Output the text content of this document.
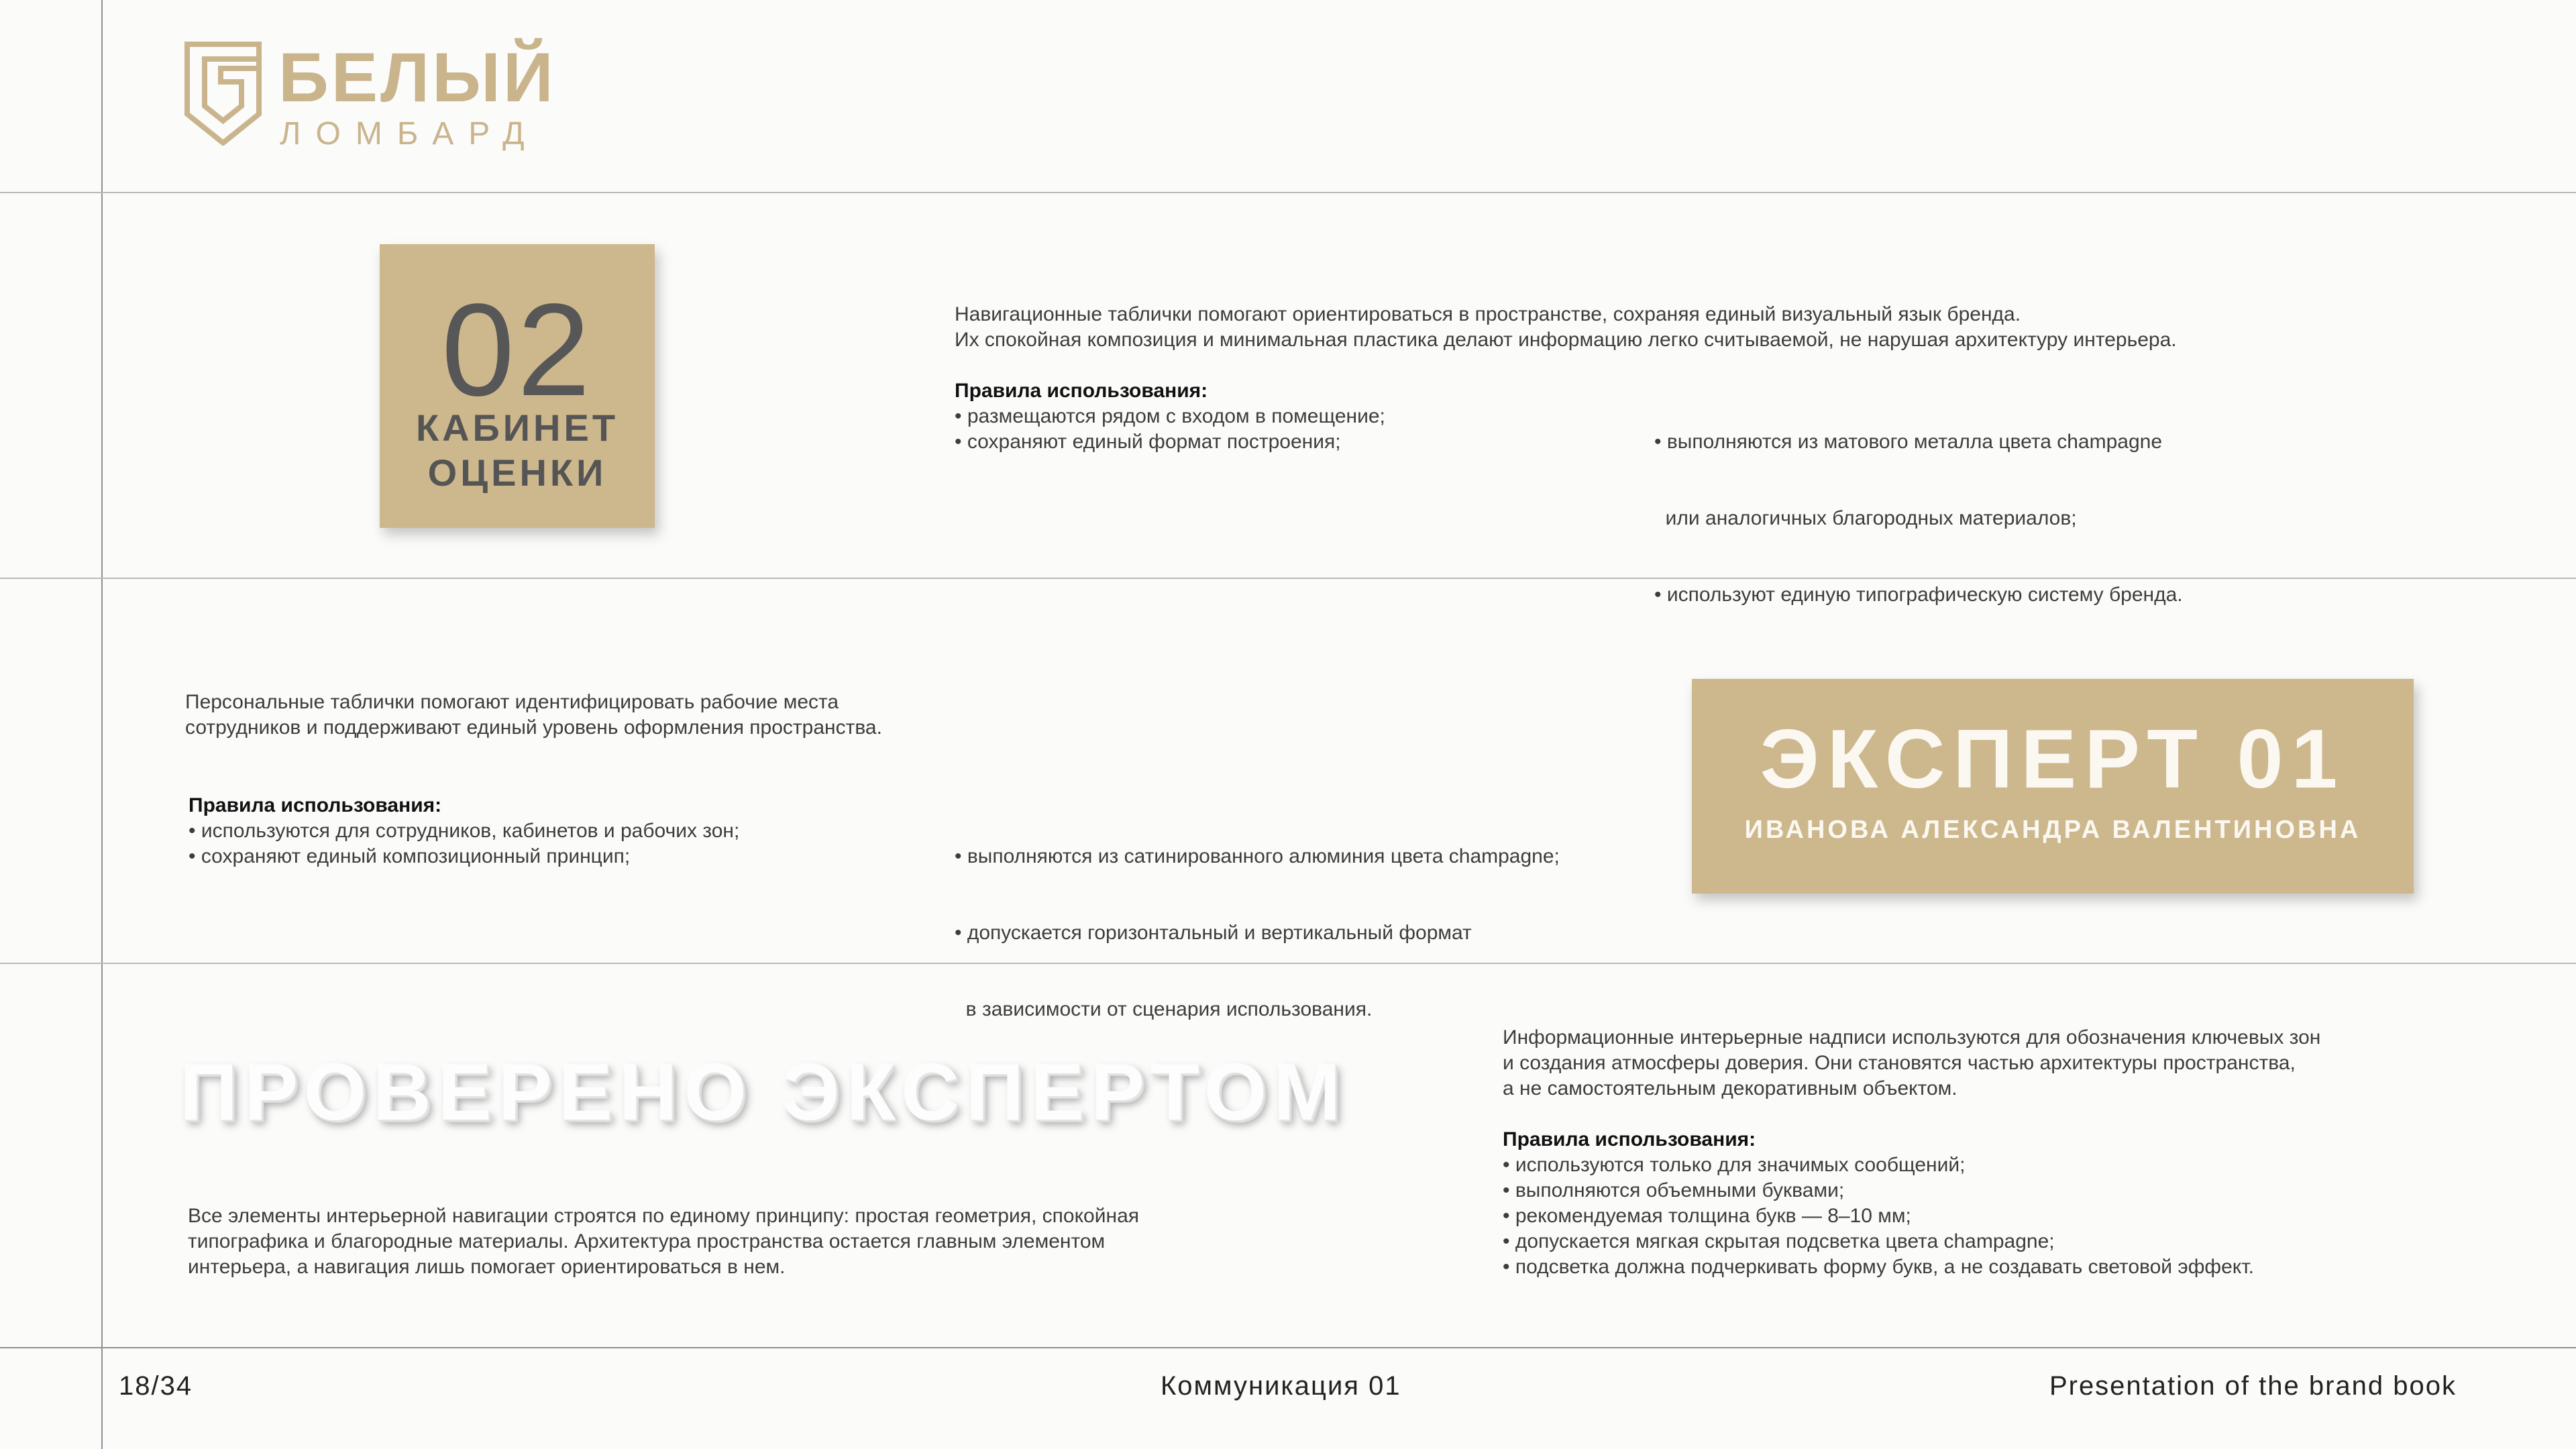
БЕЛЫЙ
ЛОМБАРД
02
КАБИНЕТ
ОЦЕНКИ
Навигационные таблички помогают ориентироваться в пространстве, сохраняя единый визуальный язык бренда.
Их спокойная композиция и минимальная пластика делают информацию легко считываемой, не нарушая архитектуру интерьера.
Правила использования:
• размещаются рядом с входом в помещение;
• сохраняют единый формат построения;

	• выполняются из матового металла цвета champagne

или аналогичных благородных материалов;

• используют единую типографическую систему бренда.

Персональные таблички помогают идентифицировать рабочие места
сотрудников и поддерживают единый уровень оформления пространства.
Правила использования:
• используются для сотрудников, кабинетов и рабочих зон;
• сохраняют единый композиционный принцип;

	• выполняются из сатинированного алюминия цвета champagne;

• допускается горизонтальный и вертикальный формат

в зависимости от сценария использования.

ЭКСПЕРТ 01
ИВАНОВА АЛЕКСАНДРА ВАЛЕНТИНОВНА
ПРОВЕРЕНО ЭКСПЕРТОМ
Все элементы интерьерной навигации строятся по единому принципу: простая геометрия, спокойная
типографика и благородные материалы. Архитектура пространства остается главным элементом
интерьера, а навигация лишь помогает ориентироваться в нем.
Информационные интерьерные надписи используются для обозначения ключевых зон
и создания атмосферы доверия. Они становятся частью архитектуры пространства,
а не самостоятельным декоративным объектом.
Правила использования:
• используются только для значимых сообщений;
• выполняются объемными буквами;
• рекомендуемая толщина букв — 8–10 мм;
• допускается мягкая скрытая подсветка цвета champagne;
• подсветка должна подчеркивать форму букв, а не создавать световой эффект.
18/34	Коммуникация 01	Presentation of the brand book
